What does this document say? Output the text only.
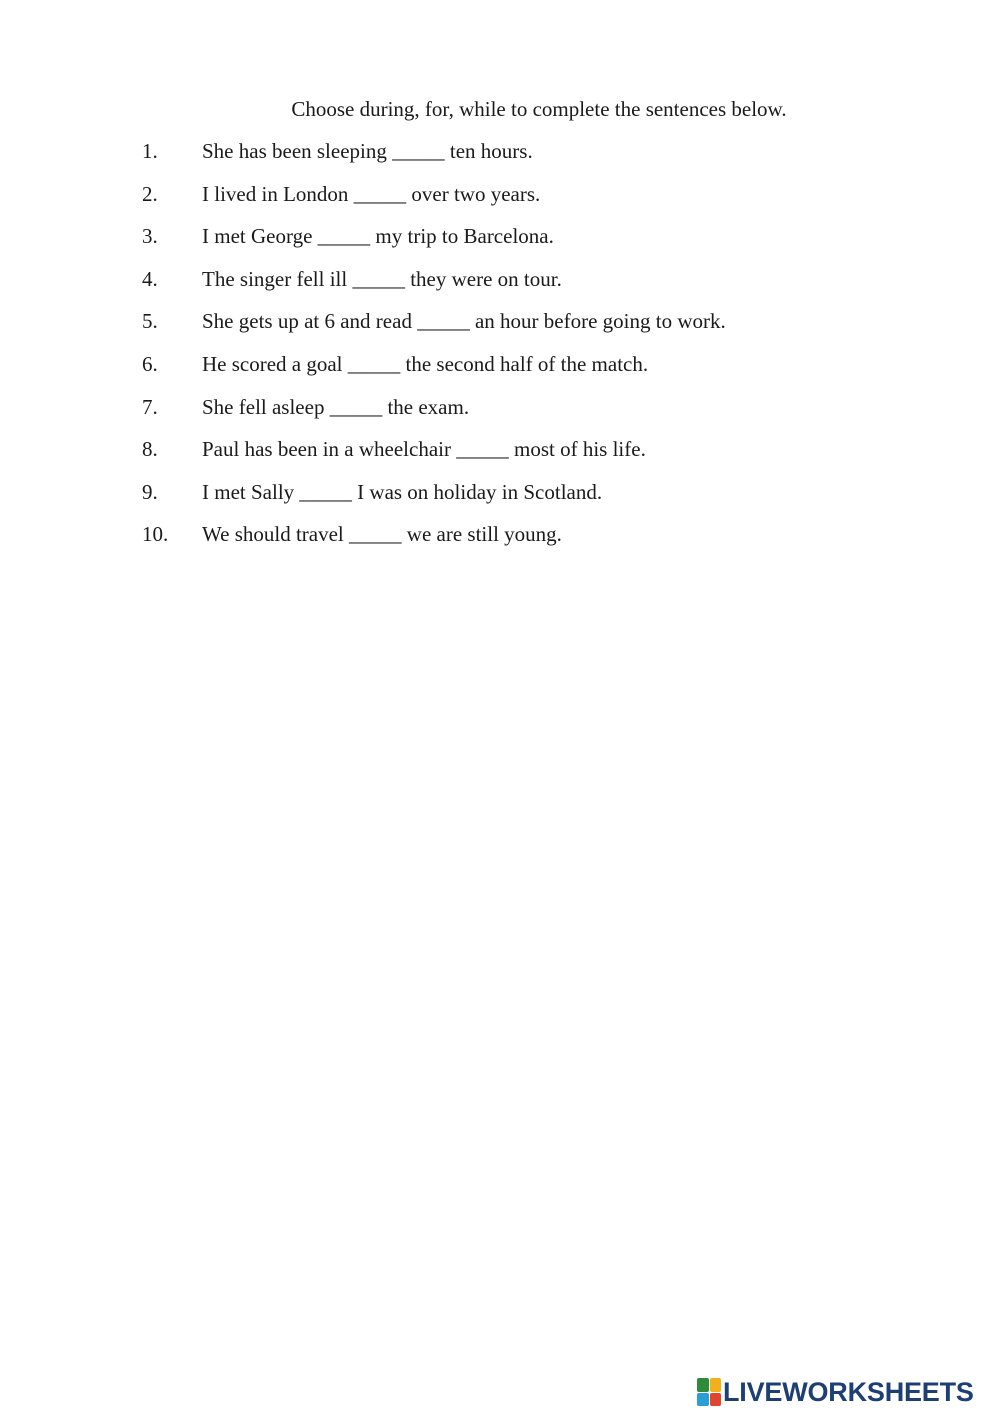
Choose during, for, while to complete the sentences below.
1. She has been sleeping _____ ten hours.
2. I lived in London _____ over two years.
3. I met George _____ my trip to Barcelona.
4. The singer fell ill _____ they were on tour.
5. She gets up at 6 and read _____ an hour before going to work.
6. He scored a goal _____ the second half of the match.
7. She fell asleep _____ the exam.
8. Paul has been in a wheelchair _____ most of his life.
9. I met Sally _____ I was on holiday in Scotland.
10. We should travel _____ we are still young.
LIVEWORKSHEETS
